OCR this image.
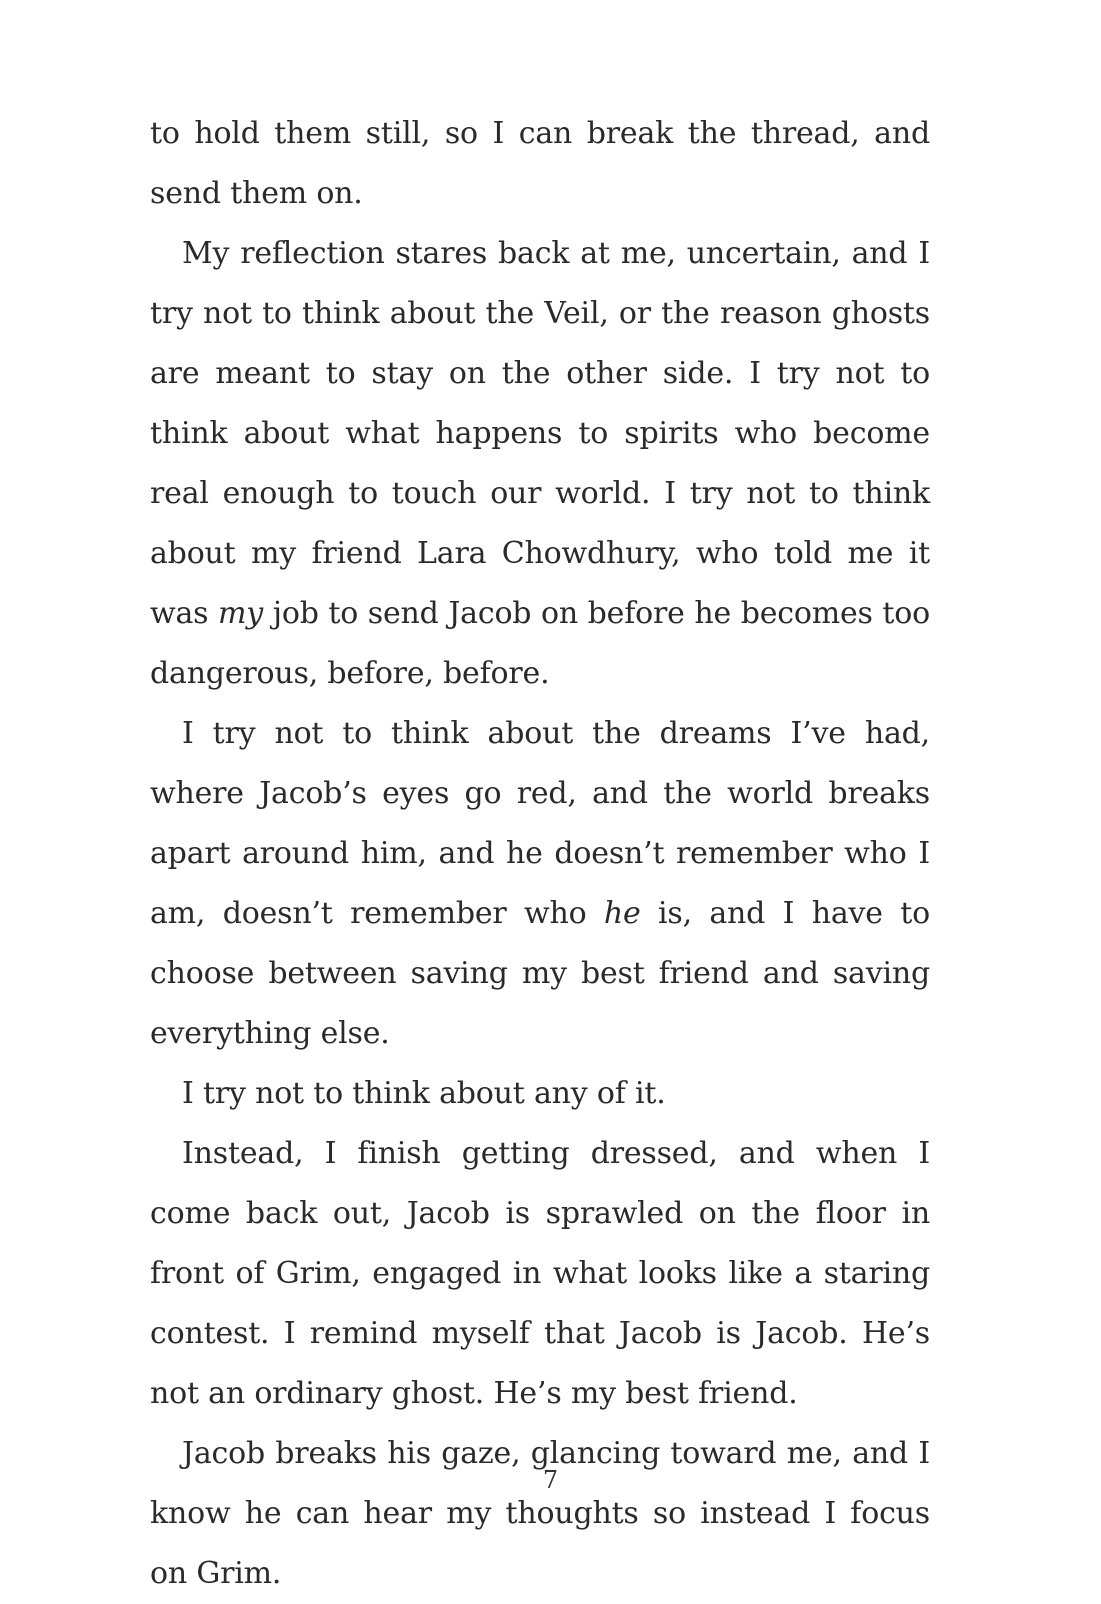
to hold them still, so I can break the thread, and send them on.

My reflection stares back at me, uncertain, and I try not to think about the Veil, or the reason ghosts are meant to stay on the other side. I try not to think about what happens to spirits who become real enough to touch our world. I try not to think about my friend Lara Chowdhury, who told me it was my job to send Jacob on before he becomes too dangerous, before, before.

I try not to think about the dreams I’ve had, where Jacob’s eyes go red, and the world breaks apart around him, and he doesn’t remember who I am, doesn’t remember who he is, and I have to choose between saving my best friend and saving everything else.

I try not to think about any of it.

Instead, I finish getting dressed, and when I come back out, Jacob is sprawled on the floor in front of Grim, engaged in what looks like a staring contest. I remind myself that Jacob is Jacob. He’s not an ordinary ghost. He’s my best friend.

Jacob breaks his gaze, glancing toward me, and I know he can hear my thoughts so instead I focus on Grim.

7
